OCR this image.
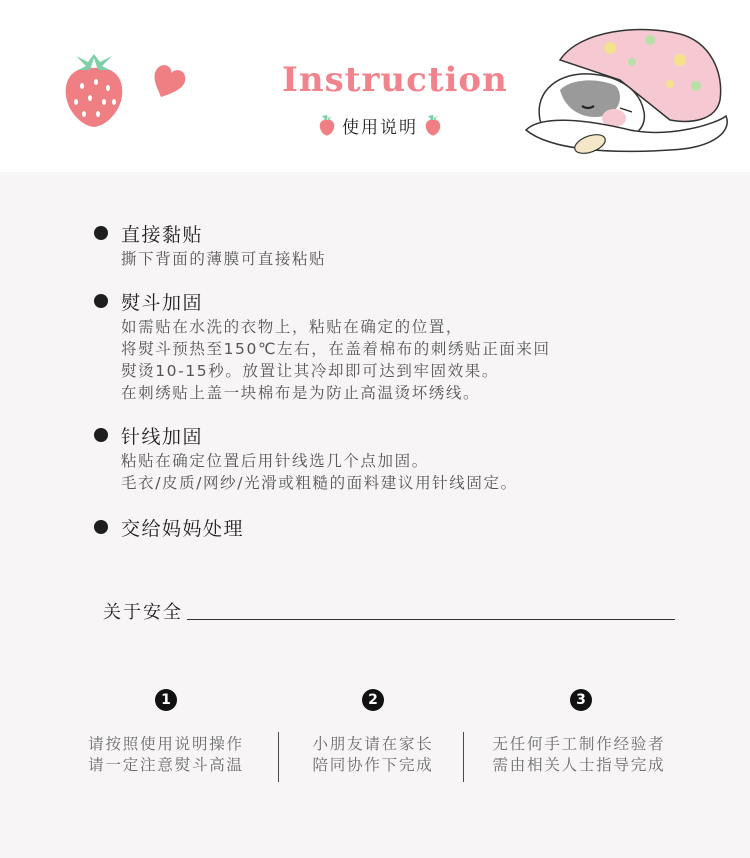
Instruction
使用说明
直接黏贴
撕下背面的薄膜可直接粘贴
熨斗加固
如需贴在水洗的衣物上，粘贴在确定的位置，
将熨斗预热至150℃左右，在盖着棉布的刺绣贴正面来回
熨烫10-15秒。放置让其冷却即可达到牢固效果。
在刺绣贴上盖一块棉布是为防止高温烫坏绣线。
针线加固
粘贴在确定位置后用针线选几个点加固。
毛衣/皮质/网纱/光滑或粗糙的面料建议用针线固定。
交给妈妈处理
关于安全
1	2	3
请按照使用说明操作
请一定注意熨斗高温
小朋友请在家长
陪同协作下完成
无任何手工制作经验者
需由相关人士指导完成
